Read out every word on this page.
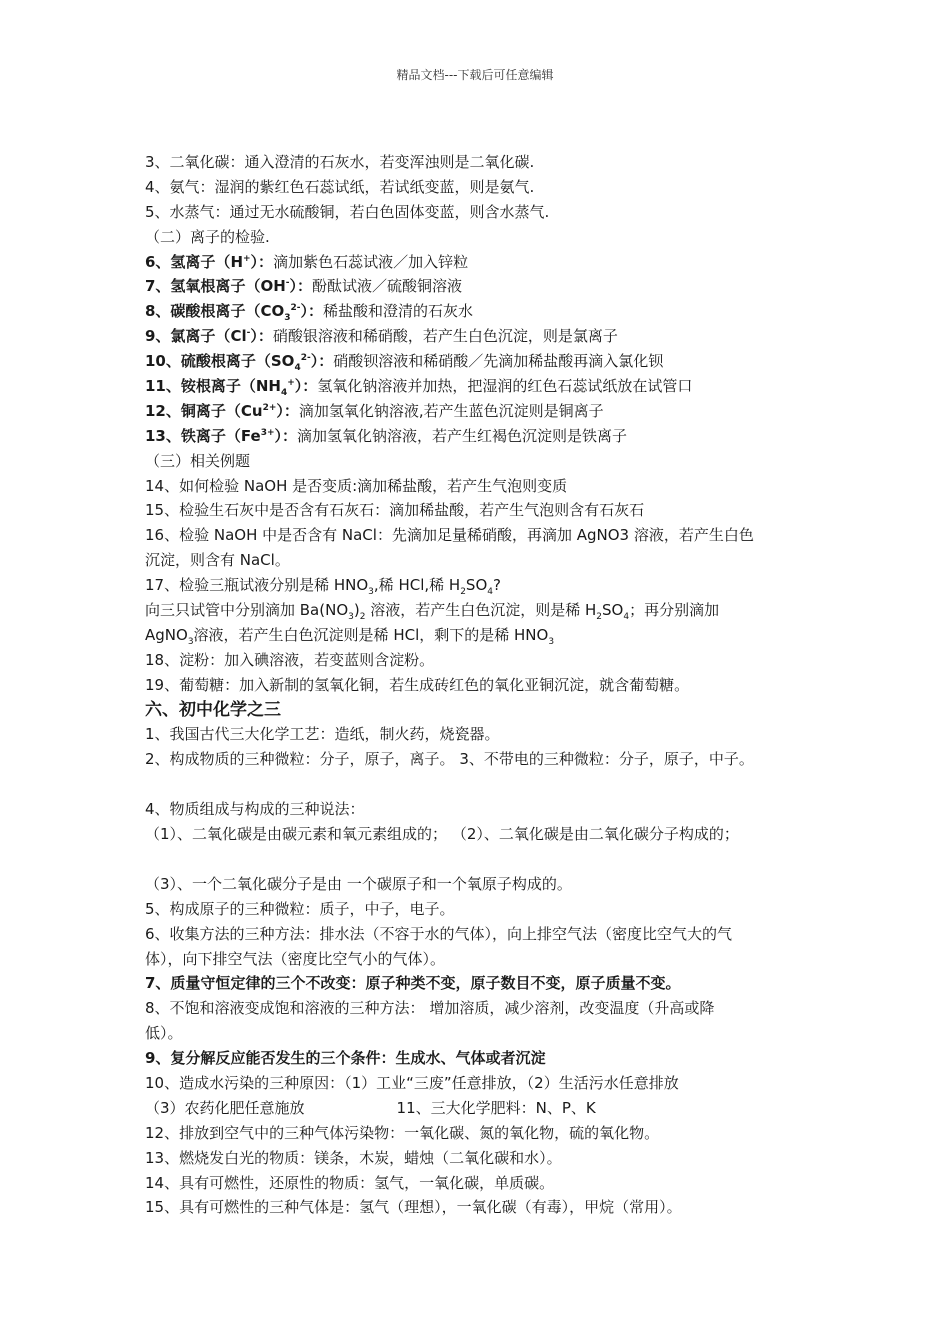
精品文档---下载后可任意编辑
3、二氧化碳：通入澄清的石灰水，若变浑浊则是二氧化碳.
4、氨气：湿润的紫红色石蕊试纸，若试纸变蓝，则是氨气.
5、水蒸气：通过无水硫酸铜，若白色固体变蓝，则含水蒸气.
（二）离子的检验.
6、氢离子（H+）：滴加紫色石蕊试液／加入锌粒
7、氢氧根离子（OH-）：酚酞试液／硫酸铜溶液
8、碳酸根离子$(CO_3^{2-})$：稀盐酸和澄清的石灰水
9、氯离子（Cl-）：硝酸银溶液和稀硝酸，若产生白色沉淀，则是氯离子
10、硫酸根离子$(SO_4^{2-})$：硝酸钡溶液和稀硝酸／先滴加稀盐酸再滴入氯化钡
11、铵根离子$(NH_4^+)$：氢氧化钠溶液并加热，把湿润的红色石蕊试纸放在试管口
12、铜离子$(Cu^{2+})$：滴加氢氧化钠溶液,若产生蓝色沉淀则是铜离子
13、铁离子$(Fe^{3+})$：滴加氢氧化钠溶液，若产生红褐色沉淀则是铁离子
（三）相关例题
14、如何检验 NaOH 是否变质:滴加稀盐酸，若产生气泡则变质
15、检验生石灰中是否含有石灰石：滴加稀盐酸，若产生气泡则含有石灰石
16、检验 NaOH 中是否含有 NaCl：先滴加足量稀硝酸，再滴加 AgNO3 溶液，若产生白色
沉淀，则含有 NaCl。
17、检验三瓶试液分别是稀 $HNO_3$,稀 HCl,稀 $H_2SO_4$?
向三只试管中分别滴加 $Ba(NO_3)_2$ 溶液，若产生白色沉淀，则是稀 $H_2SO_4$；再分别滴加
AgNO$_3$溶液，若产生白色沉淀则是稀 HCl，剩下的是稀 $HNO_3$
18、淀粉：加入碘溶液，若变蓝则含淀粉。
19、葡萄糖：加入新制的氢氧化铜，若生成砖红色的氧化亚铜沉淀，就含葡萄糖。
六、初中化学之三
1、我国古代三大化学工艺：造纸，制火药，烧瓷器。
2、构成物质的三种微粒：分子，原子，离子。 3、不带电的三种微粒：分子，原子，中子。
4、物质组成与构成的三种说法：
（1）、二氧化碳是由碳元素和氧元素组成的； （2）、二氧化碳是由二氧化碳分子构成的；
（3）、一个二氧化碳分子是由 一个碳原子和一个氧原子构成的。
5、构成原子的三种微粒：质子，中子，电子。
6、收集方法的三种方法：排水法（不容于水的气体），向上排空气法（密度比空气大的气
体），向下排空气法（密度比空气小的气体）。
7、质量守恒定律的三个不改变：原子种类不变，原子数目不变，原子质量不变。
8、不饱和溶液变成饱和溶液的三种方法： 增加溶质，减少溶剂，改变温度（升高或降
低）。
9、复分解反应能否发生的三个条件：生成水、气体或者沉淀
10、造成水污染的三种原因：（1）工业“三废”任意排放，（2）生活污水任意排放
（3）农药化肥任意施放	11、三大化学肥料：N、P、K
12、排放到空气中的三种气体污染物：一氧化碳、氮的氧化物，硫的氧化物。
13、燃烧发白光的物质：镁条，木炭，蜡烛（二氧化碳和水）。
14、具有可燃性，还原性的物质：氢气，一氧化碳，单质碳。
15、具有可燃性的三种气体是：氢气（理想），一氧化碳（有毒），甲烷（常用）。
